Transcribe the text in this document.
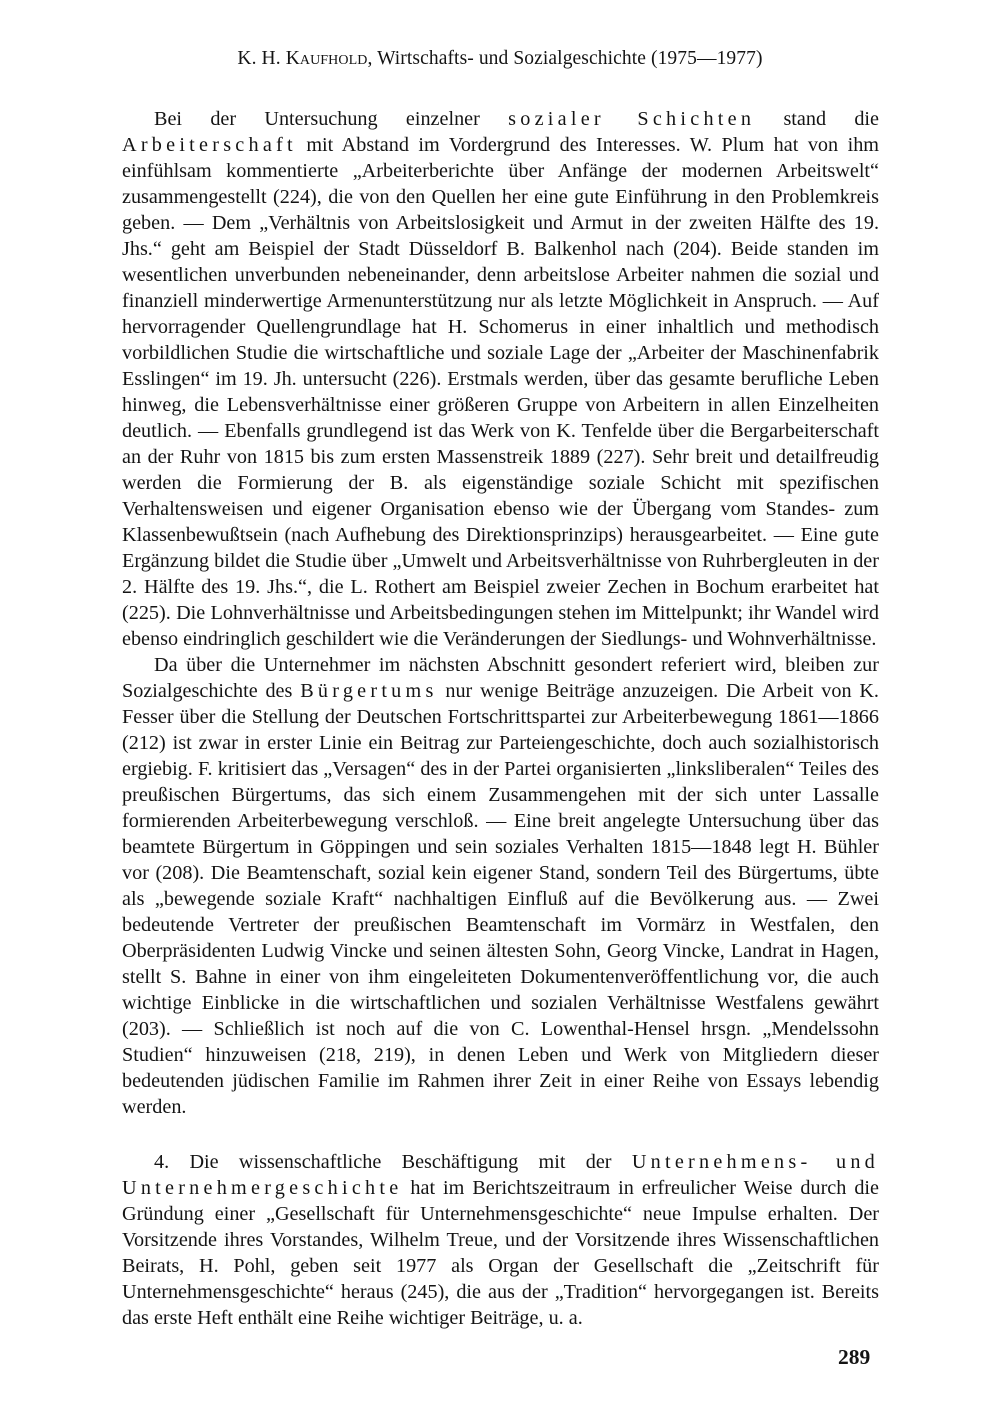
K. H. Kaufhold, Wirtschafts- und Sozialgeschichte (1975—1977)

Bei der Untersuchung einzelner sozialer Schichten stand die Arbeiterschaft mit Abstand im Vordergrund des Interesses. W. Plum hat von ihm einfühlsam kommentierte „Arbeiterberichte über Anfänge der modernen Arbeitswelt“ zusammengestellt (224), die von den Quellen her eine gute Einführung in den Problemkreis geben. — Dem „Verhältnis von Arbeitslosigkeit und Armut in der zweiten Hälfte des 19. Jhs.“ geht am Beispiel der Stadt Düsseldorf B. Balkenhol nach (204). Beide standen im wesentlichen unverbunden nebeneinander, denn arbeitslose Arbeiter nahmen die sozial und finanziell minderwertige Armenunterstützung nur als letzte Möglichkeit in Anspruch. — Auf hervorragender Quellengrundlage hat H. Schomerus in einer inhaltlich und methodisch vorbildlichen Studie die wirtschaftliche und soziale Lage der „Arbeiter der Maschinenfabrik Esslingen“ im 19. Jh. untersucht (226). Erstmals werden, über das gesamte berufliche Leben hinweg, die Lebensverhältnisse einer größeren Gruppe von Arbeitern in allen Einzelheiten deutlich. — Ebenfalls grundlegend ist das Werk von K. Tenfelde über die Bergarbeiterschaft an der Ruhr von 1815 bis zum ersten Massenstreik 1889 (227). Sehr breit und detailfreudig werden die Formierung der B. als eigenständige soziale Schicht mit spezifischen Verhaltensweisen und eigener Organisation ebenso wie der Übergang vom Standes- zum Klassenbewußtsein (nach Aufhebung des Direktionsprinzips) herausgearbeitet. — Eine gute Ergänzung bildet die Studie über „Umwelt und Arbeitsverhältnisse von Ruhrbergleuten in der 2. Hälfte des 19. Jhs.“, die L. Rothert am Beispiel zweier Zechen in Bochum erarbeitet hat (225). Die Lohnverhältnisse und Arbeitsbedingungen stehen im Mittelpunkt; ihr Wandel wird ebenso eindringlich geschildert wie die Veränderungen der Siedlungs- und Wohnverhältnisse.

Da über die Unternehmer im nächsten Abschnitt gesondert referiert wird, bleiben zur Sozialgeschichte des Bürgertums nur wenige Beiträge anzuzeigen. Die Arbeit von K. Fesser über die Stellung der Deutschen Fortschrittspartei zur Arbeiterbewegung 1861—1866 (212) ist zwar in erster Linie ein Beitrag zur Parteiengeschichte, doch auch sozialhistorisch ergiebig. F. kritisiert das „Versagen“ des in der Partei organisierten „linksliberalen“ Teiles des preußischen Bürgertums, das sich einem Zusammengehen mit der sich unter Lassalle formierenden Arbeiterbewegung verschloß. — Eine breit angelegte Untersuchung über das beamtete Bürgertum in Göppingen und sein soziales Verhalten 1815—1848 legt H. Bühler vor (208). Die Beamtenschaft, sozial kein eigener Stand, sondern Teil des Bürgertums, übte als „bewegende soziale Kraft“ nachhaltigen Einfluß auf die Bevölkerung aus. — Zwei bedeutende Vertreter der preußischen Beamtenschaft im Vormärz in Westfalen, den Oberpräsidenten Ludwig Vincke und seinen ältesten Sohn, Georg Vincke, Landrat in Hagen, stellt S. Bahne in einer von ihm eingeleiteten Dokumentenveröffentlichung vor, die auch wichtige Einblicke in die wirtschaftlichen und sozialen Verhältnisse Westfalens gewährt (203). — Schließlich ist noch auf die von C. Lowenthal-Hensel hrsgn. „Mendelssohn Studien“ hinzuweisen (218, 219), in denen Leben und Werk von Mitgliedern dieser bedeutenden jüdischen Familie im Rahmen ihrer Zeit in einer Reihe von Essays lebendig werden.

4. Die wissenschaftliche Beschäftigung mit der Unternehmens- und Unternehmergeschichte hat im Berichtszeitraum in erfreulicher Weise durch die Gründung einer „Gesellschaft für Unternehmensgeschichte“ neue Impulse erhalten. Der Vorsitzende ihres Vorstandes, Wilhelm Treue, und der Vorsitzende ihres Wissenschaftlichen Beirats, H. Pohl, geben seit 1977 als Organ der Gesellschaft die „Zeitschrift für Unternehmensgeschichte“ heraus (245), die aus der „Tradition“ hervorgegangen ist. Bereits das erste Heft enthält eine Reihe wichtiger Beiträge, u. a.

289
